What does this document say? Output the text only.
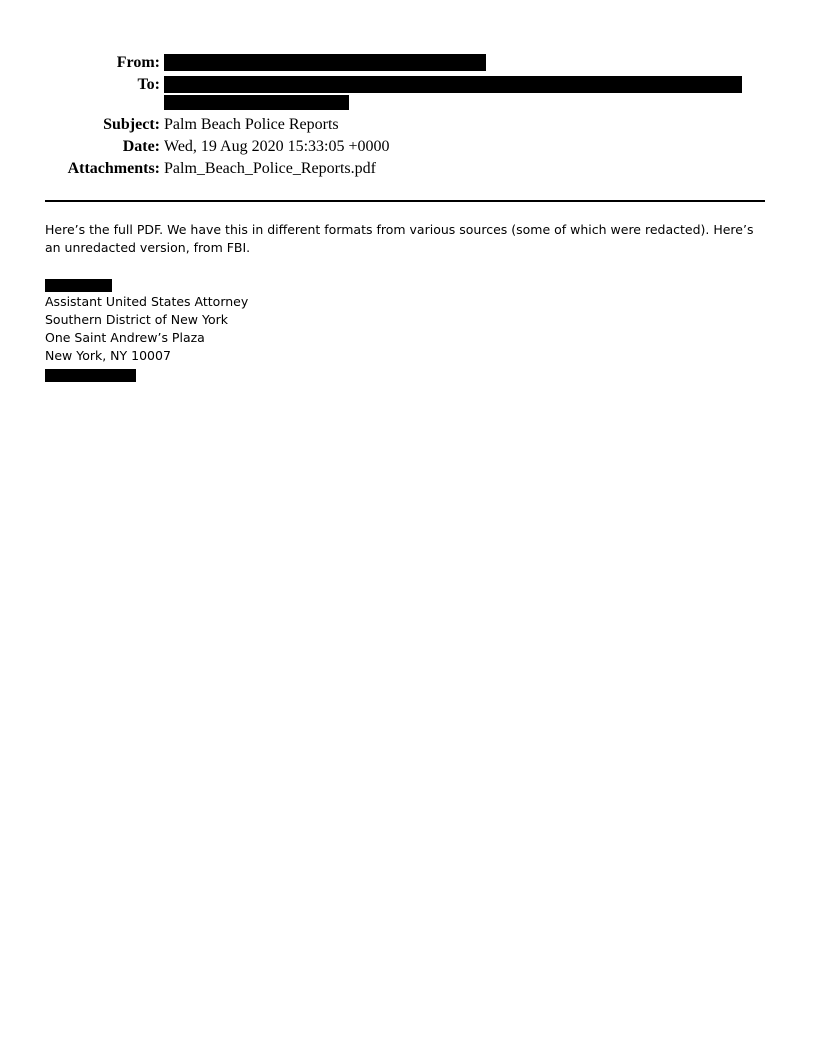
From:
To:
Subject: Palm Beach Police Reports
Date: Wed, 19 Aug 2020 15:33:05 +0000
Attachments: Palm_Beach_Police_Reports.pdf

Here’s the full PDF. We have this in different formats from various sources (some of which were redacted). Here’s an unredacted version, from FBI.

Assistant United States Attorney
Southern District of New York
One Saint Andrew’s Plaza
New York, NY 10007
